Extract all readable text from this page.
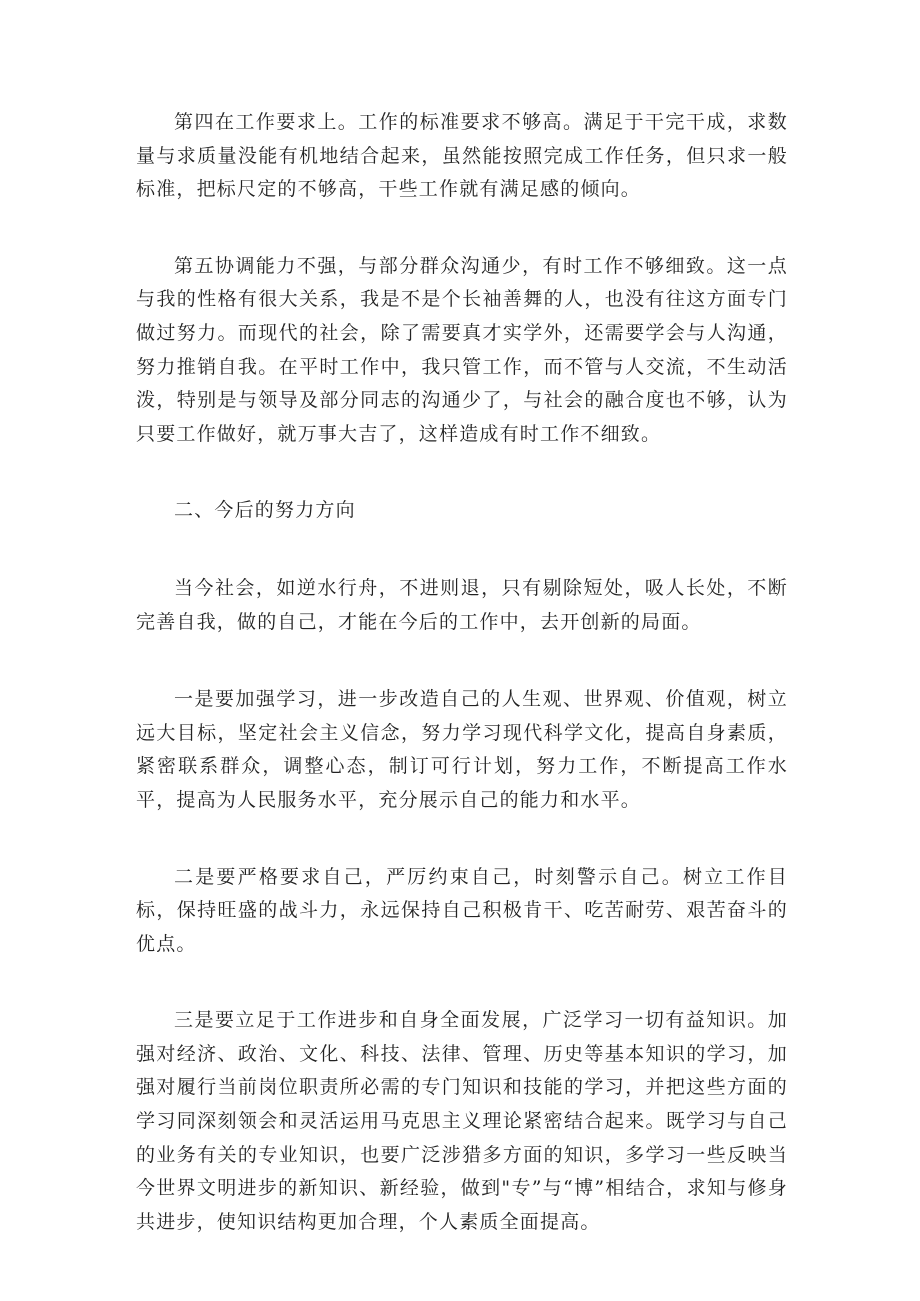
第四在工作要求上。工作的标准要求不够高。满足于干完干成，求数量与求质量没能有机地结合起来，虽然能按照完成工作任务，但只求一般标准，把标尺定的不够高，干些工作就有满足感的倾向。

第五协调能力不强，与部分群众沟通少，有时工作不够细致。这一点与我的性格有很大关系，我是不是个长袖善舞的人，也没有往这方面专门做过努力。而现代的社会，除了需要真才实学外，还需要学会与人沟通，努力推销自我。在平时工作中，我只管工作，而不管与人交流，不生动活泼，特别是与领导及部分同志的沟通少了，与社会的融合度也不够，认为只要工作做好，就万事大吉了，这样造成有时工作不细致。

二、今后的努力方向

当今社会，如逆水行舟，不进则退，只有剔除短处，吸人长处，不断完善自我，做的自己，才能在今后的工作中，去开创新的局面。

一是要加强学习，进一步改造自己的人生观、世界观、价值观，树立远大目标，坚定社会主义信念，努力学习现代科学文化，提高自身素质，紧密联系群众，调整心态，制订可行计划，努力工作，不断提高工作水平，提高为人民服务水平，充分展示自己的能力和水平。

二是要严格要求自己，严厉约束自己，时刻警示自己。树立工作目标，保持旺盛的战斗力，永远保持自己积极肯干、吃苦耐劳、艰苦奋斗的优点。

三是要立足于工作进步和自身全面发展，广泛学习一切有益知识。加强对经济、政治、文化、科技、法律、管理、历史等基本知识的学习，加强对履行当前岗位职责所必需的专门知识和技能的学习，并把这些方面的学习同深刻领会和灵活运用马克思主义理论紧密结合起来。既学习与自己的业务有关的专业知识，也要广泛涉猎多方面的知识，多学习一些反映当今世界文明进步的新知识、新经验，做到"专”与“博”相结合，求知与修身共进步，使知识结构更加合理，个人素质全面提高。
